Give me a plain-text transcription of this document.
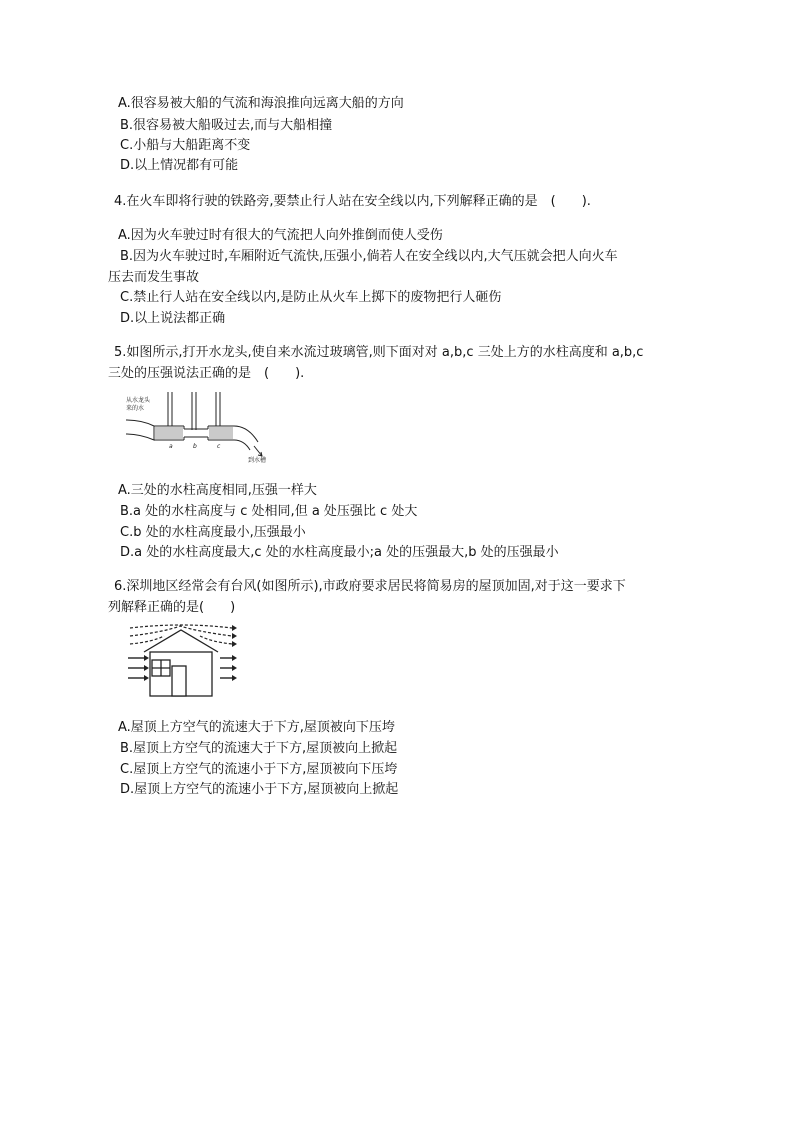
A.很容易被大船的气流和海浪推向远离大船的方向
B.很容易被大船吸过去,而与大船相撞
C.小船与大船距离不变
D.以上情况都有可能
4.在火车即将行驶的铁路旁,要禁止行人站在安全线以内,下列解释正确的是　(　　).
A.因为火车驶过时有很大的气流把人向外推倒而使人受伤
B.因为火车驶过时,车厢附近气流快,压强小,倘若人在安全线以内,大气压就会把人向火车
压去而发生事故
C.禁止行人站在安全线以内,是防止从火车上掷下的废物把行人砸伤
D.以上说法都正确
5.如图所示,打开水龙头,使自来水流过玻璃管,则下面对对 a,b,c 三处上方的水柱高度和 a,b,c
三处的压强说法正确的是　(　　).
从水龙头
来的水
a	b	c
到水槽
A.三处的水柱高度相同,压强一样大
B.a 处的水柱高度与 c 处相同,但 a 处压强比 c 处大
C.b 处的水柱高度最小,压强最小
D.a 处的水柱高度最大,c 处的水柱高度最小;a 处的压强最大,b 处的压强最小
6.深圳地区经常会有台风(如图所示),市政府要求居民将简易房的屋顶加固,对于这一要求下
列解释正确的是(　　)
A.屋顶上方空气的流速大于下方,屋顶被向下压垮
B.屋顶上方空气的流速大于下方,屋顶被向上掀起
C.屋顶上方空气的流速小于下方,屋顶被向下压垮
D.屋顶上方空气的流速小于下方,屋顶被向上掀起
